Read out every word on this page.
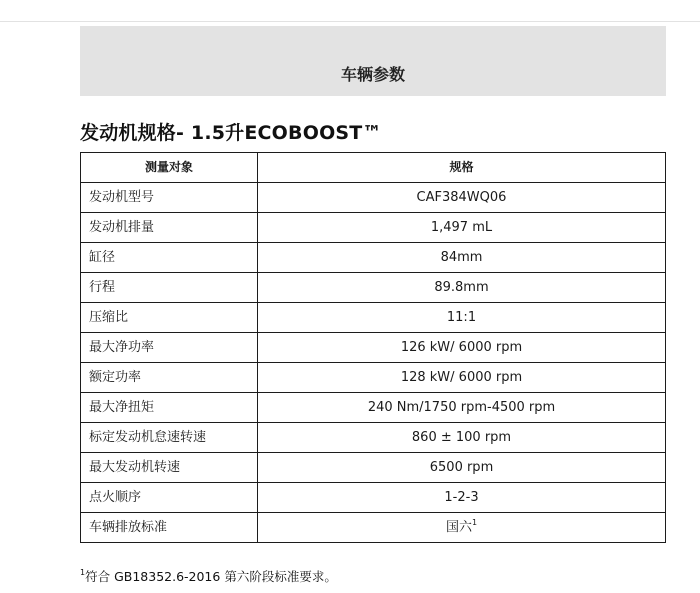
车辆参数
发动机规格- 1.5升ECOBOOST™
测量对象	规格
发动机型号	CAF384WQ06
发动机排量	1,497 mL
缸径	84mm
行程	89.8mm
压缩比	11:1
最大净功率	126 kW/ 6000 rpm
额定功率	128 kW/ 6000 rpm
最大净扭矩	240 Nm/1750 rpm-4500 rpm
标定发动机怠速转速	860 ± 100 rpm
最大发动机转速	6500 rpm
点火顺序	1-2-3
车辆排放标准	国六$^1$
$^1$符合 GB18352.6-2016 第六阶段标准要求。
